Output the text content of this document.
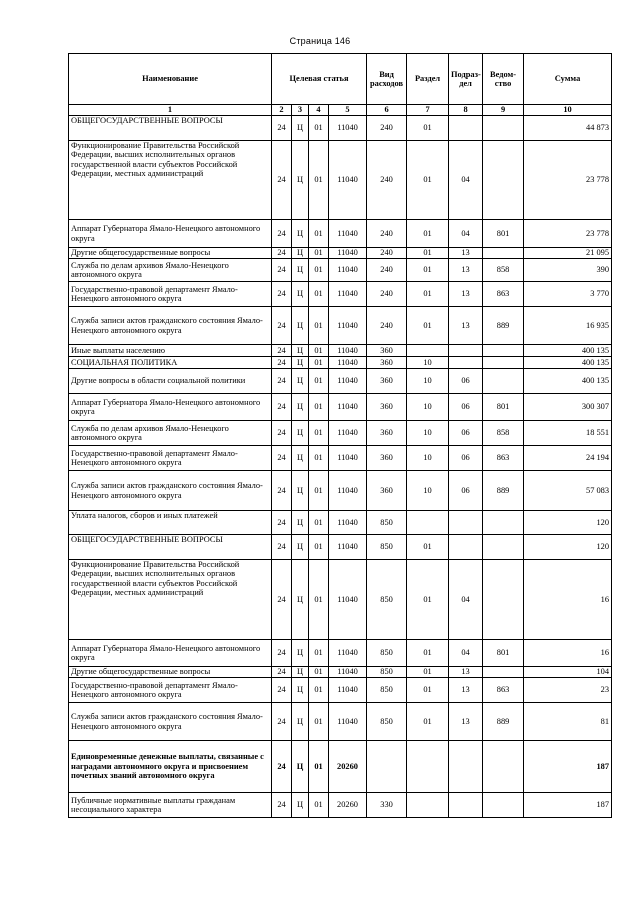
Страница 146
Наименование	Целевая статья				Вид расходов	Раздел	Подраз-дел	Ведом-ство	Сумма
1	2	3	4	5	6	7	8	9	10
ОБЩЕГОСУДАРСТВЕННЫЕ ВОПРОСЫ	24	Ц	01	11040	240	01			44 873
Функционирование Правительства Российской Федерации, высших исполнительных органов государственной власти субъектов Российской Федерации, местных администраций	24	Ц	01	11040	240	01	04		23 778
Аппарат Губернатора Ямало-Ненецкого автономного округа	24	Ц	01	11040	240	01	04	801	23 778
Другие общегосударственные вопросы	24	Ц	01	11040	240	01	13		21 095
Служба по делам архивов Ямало-Ненецкого автономного округа	24	Ц	01	11040	240	01	13	858	390
Государственно-правовой департамент Ямало-Ненецкого автономного округа	24	Ц	01	11040	240	01	13	863	3 770
Служба записи актов гражданского состояния Ямало-Ненецкого автономного округа	24	Ц	01	11040	240	01	13	889	16 935
Иные выплаты населению	24	Ц	01	11040	360				400 135
СОЦИАЛЬНАЯ ПОЛИТИКА	24	Ц	01	11040	360	10			400 135
Другие вопросы в области социальной политики	24	Ц	01	11040	360	10	06		400 135
Аппарат Губернатора Ямало-Ненецкого автономного округа	24	Ц	01	11040	360	10	06	801	300 307
Служба по делам архивов Ямало-Ненецкого автономного округа	24	Ц	01	11040	360	10	06	858	18 551
Государственно-правовой департамент Ямало-Ненецкого автономного округа	24	Ц	01	11040	360	10	06	863	24 194
Служба записи актов гражданского состояния Ямало-Ненецкого автономного округа	24	Ц	01	11040	360	10	06	889	57 083
Уплата налогов, сборов и иных платежей	24	Ц	01	11040	850				120
ОБЩЕГОСУДАРСТВЕННЫЕ ВОПРОСЫ	24	Ц	01	11040	850	01			120
Функционирование Правительства Российской Федерации, высших исполнительных органов государственной власти субъектов Российской Федерации, местных администраций	24	Ц	01	11040	850	01	04		16
Аппарат Губернатора Ямало-Ненецкого автономного округа	24	Ц	01	11040	850	01	04	801	16
Другие общегосударственные вопросы	24	Ц	01	11040	850	01	13		104
Государственно-правовой департамент Ямало-Ненецкого автономного округа	24	Ц	01	11040	850	01	13	863	23
Служба записи актов гражданского состояния Ямало-Ненецкого автономного округа	24	Ц	01	11040	850	01	13	889	81
Единовременные денежные выплаты, связанные с наградами автономного округа и присвоением почетных званий автономного округа	24	Ц	01	20260					187
Публичные нормативные выплаты гражданам несоциального характера	24	Ц	01	20260	330				187
